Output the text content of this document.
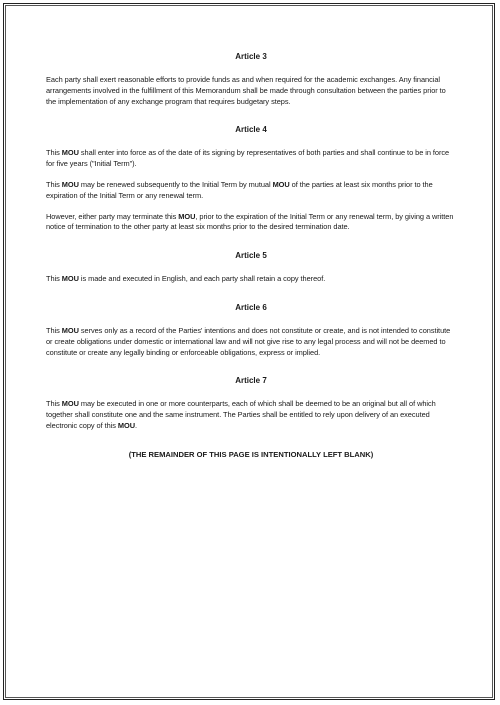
Article 3

Each party shall exert reasonable efforts to provide funds as and when required for the academic exchanges. Any financial arrangements involved in the fulfillment of this Memorandum shall be made through consultation between the parties prior to the implementation of any exchange program that requires budgetary steps.

Article 4

This MOU shall enter into force as of the date of its signing by representatives of both parties and shall continue to be in force for five years ("Initial Term").

This MOU may be renewed subsequently to the Initial Term by mutual MOU of the parties at least six months prior to the expiration of the Initial Term or any renewal term.

However, either party may terminate this MOU, prior to the expiration of the Initial Term or any renewal term, by giving a written notice of termination to the other party at least six months prior to the desired termination date.

Article 5

This MOU is made and executed in English, and each party shall retain a copy thereof.

Article 6

This MOU serves only as a record of the Parties' intentions and does not constitute or create, and is not intended to constitute or create obligations under domestic or international law and will not give rise to any legal process and will not be deemed to constitute or create any legally binding or enforceable obligations, express or implied.

Article 7

This MOU may be executed in one or more counterparts, each of which shall be deemed to be an original but all of which together shall constitute one and the same instrument. The Parties shall be entitled to rely upon delivery of an executed electronic copy of this MOU.

(THE REMAINDER OF THIS PAGE IS INTENTIONALLY LEFT BLANK)
